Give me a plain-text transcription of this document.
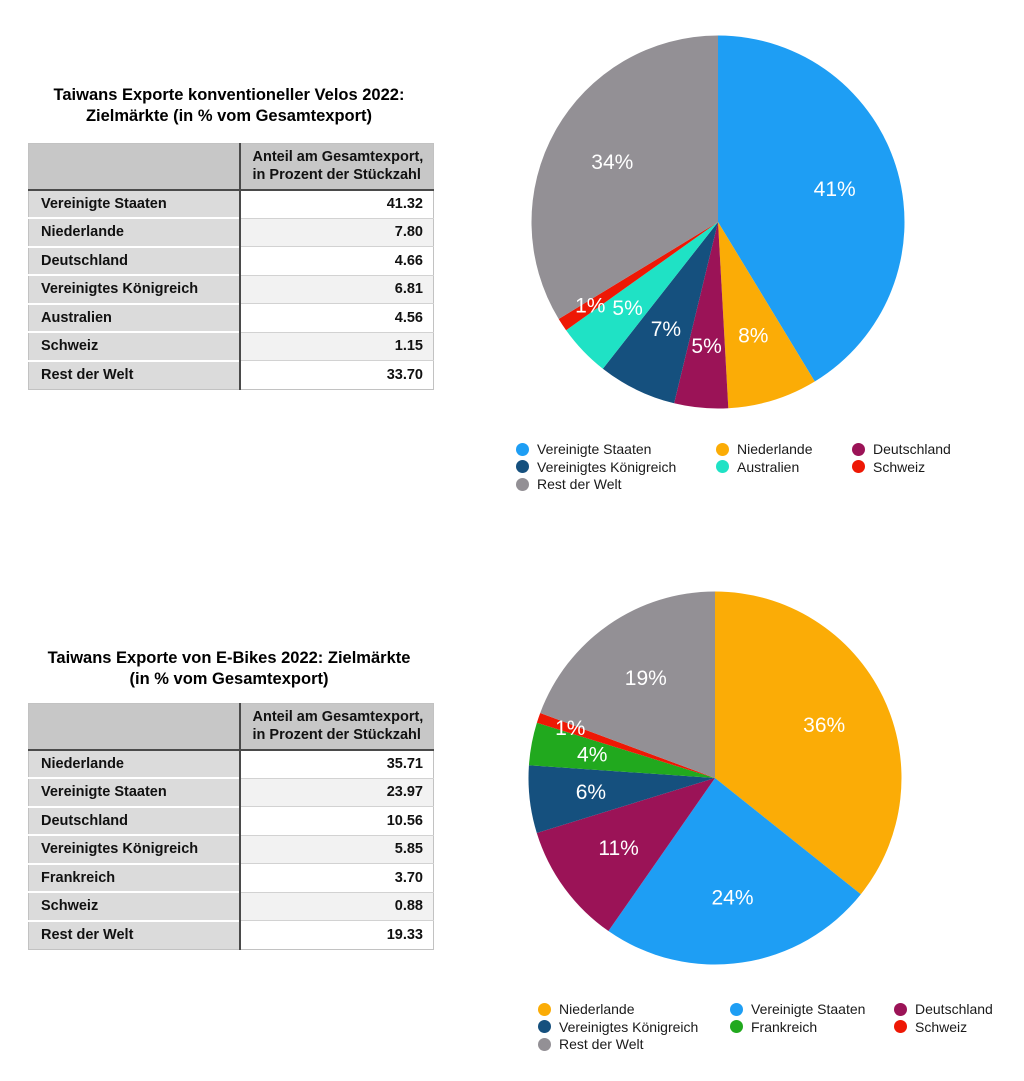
Taiwans Exporte konventioneller Velos 2022:
Zielmärkte (in % vom Gesamtexport)

	Anteil am Gesamtexport,
in Prozent der Stückzahl

Vereinigte Staaten	41.32
Niederlande	7.80
Deutschland	4.66
Vereinigtes Königreich	6.81
Australien	4.56
Schweiz	1.15
Rest der Welt	33.70
41%
8%
5%
7%
5%
1%
34%
Vereinigte Staaten	Niederlande	Deutschland
Vereinigtes Königreich	Australien	Schweiz
Rest der Welt
Taiwans Exporte von E-Bikes 2022: Zielmärkte
(in % vom Gesamtexport)

	Anteil am Gesamtexport,
in Prozent der Stückzahl

Niederlande	35.71
Vereinigte Staaten	23.97
Deutschland	10.56
Vereinigtes Königreich	5.85
Frankreich	3.70
Schweiz	0.88
Rest der Welt	19.33
36%
24%
11%
6%
4%
1%
19%
Niederlande	Vereinigte Staaten	Deutschland
Vereinigtes Königreich	Frankreich	Schweiz
Rest der Welt
